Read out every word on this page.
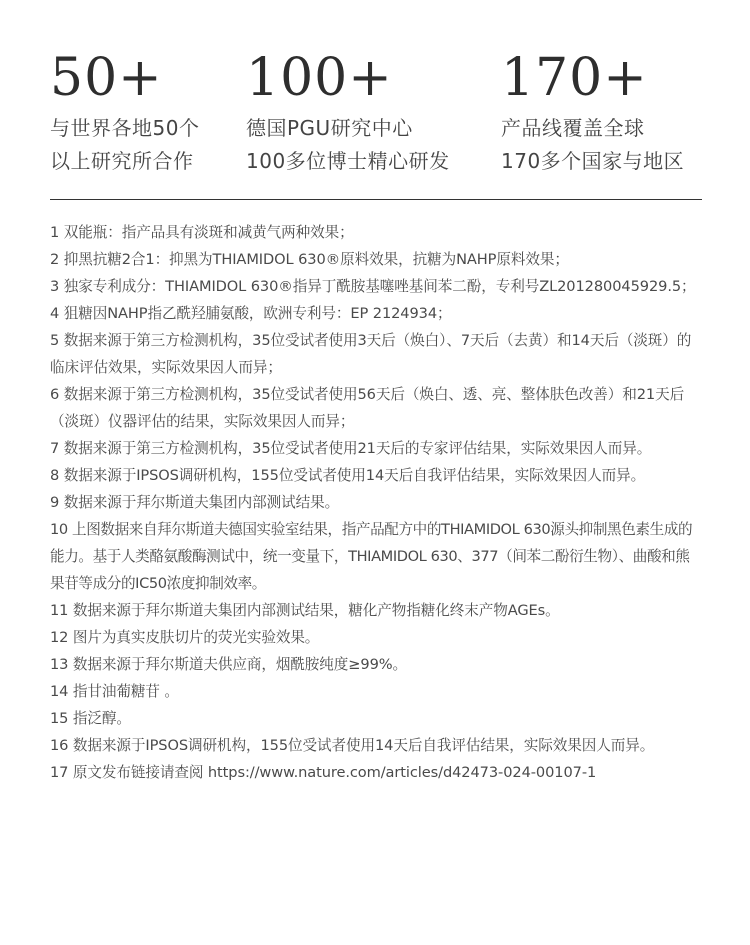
50+
与世界各地50个
以上研究所合作
100+
德国PGU研究中心
100多位博士精心研发
170+
产品线覆盖全球
170多个国家与地区

1 双能瓶：指产品具有淡斑和减黄气两种效果；

2 抑黑抗糖2合1：抑黑为THIAMIDOL 630®原料效果，抗糖为NAHP原料效果；

3 独家专利成分：THIAMIDOL 630®指异丁酰胺基噻唑基间苯二酚，专利号ZL201280045929.5；

4 狙糖因NAHP指乙酰羟脯氨酸，欧洲专利号：EP 2124934；

5 数据来源于第三方检测机构，35位受试者使用3天后（焕白）、7天后（去黄）和14天后（淡斑）的临床评估效果，实际效果因人而异；

6 数据来源于第三方检测机构，35位受试者使用56天后（焕白、透、亮、整体肤色改善）和21天后（淡斑）仪器评估的结果，实际效果因人而异；

7 数据来源于第三方检测机构，35位受试者使用21天后的专家评估结果，实际效果因人而异。

8 数据来源于IPSOS调研机构，155位受试者使用14天后自我评估结果，实际效果因人而异。

9 数据来源于拜尔斯道夫集团内部测试结果。

10 上图数据来自拜尔斯道夫德国实验室结果，指产品配方中的THIAMIDOL 630源头抑制黑色素生成的能力。基于人类酪氨酸酶测试中，统一变量下，THIAMIDOL 630、377（间苯二酚衍生物）、曲酸和熊果苷等成分的IC50浓度抑制效率。

11 数据来源于拜尔斯道夫集团内部测试结果，糖化产物指糖化终末产物AGEs。

12 图片为真实皮肤切片的荧光实验效果。

13 数据来源于拜尔斯道夫供应商，烟酰胺纯度≥99%。

14 指甘油葡糖苷 。

15 指泛醇。

16 数据来源于IPSOS调研机构，155位受试者使用14天后自我评估结果，实际效果因人而异。

17 原文发布链接请查阅 https://www.nature.com/articles/d42473-024-00107-1
